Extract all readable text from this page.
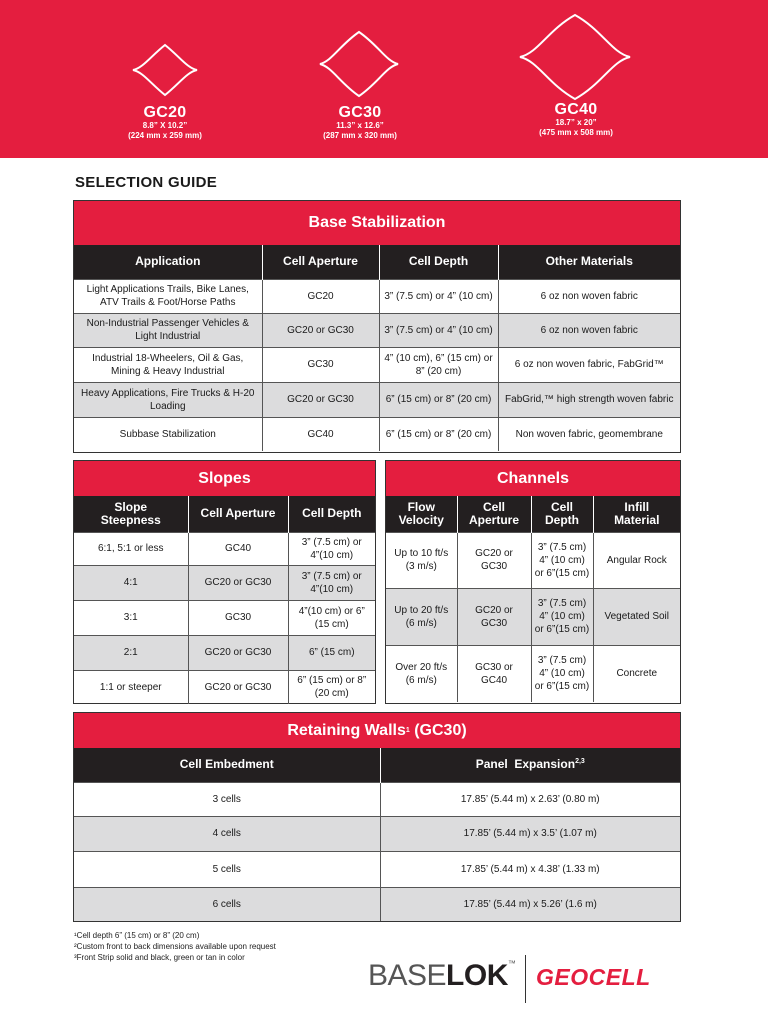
GC20
8.8” X 10.2”
(224 mm x 259 mm)
GC30
11.3” x 12.6”
(287 mm x 320 mm)
GC40
18.7” x 20”
(475 mm x 508 mm)
SELECTION GUIDE
Base Stabilization
Application	Cell Aperture	Cell Depth	Other Materials
Light Applications Trails, Bike Lanes, ATV Trails & Foot/Horse Paths	GC20	3” (7.5 cm) or 4” (10 cm)	6 oz non woven fabric
Non-Industrial Passenger Vehicles & Light Industrial	GC20 or GC30	3” (7.5 cm) or 4” (10 cm)	6 oz non woven fabric
Industrial 18-Wheelers, Oil & Gas, Mining & Heavy Industrial	GC30	4” (10 cm), 6” (15 cm) or 8” (20 cm)	6 oz non woven fabric, FabGrid™
Heavy Applications, Fire Trucks & H-20 Loading	GC20 or GC30	6” (15 cm) or 8” (20 cm)	FabGrid,™ high strength woven fabric
Subbase Stabilization	GC40	6” (15 cm) or 8” (20 cm)	Non woven fabric, geomembrane
Slopes
Slope Steepness	Cell Aperture	Cell Depth
6:1, 5:1 or less	GC40	3” (7.5 cm) or 4”(10 cm)
4:1	GC20 or GC30	3” (7.5 cm) or 4”(10 cm)
3:1	GC30	4”(10 cm) or 6” (15 cm)
2:1	GC20 or GC30	6” (15 cm)
1:1 or steeper	GC20 or GC30	6” (15 cm) or 8” (20 cm)
Channels
Flow Velocity	Cell Aperture	Cell Depth	Infill Material
Up to 10 ft/s (3 m/s)	GC20 or GC30	3” (7.5 cm) 4” (10 cm) or 6”(15 cm)	Angular Rock
Up to 20 ft/s (6 m/s)	GC20 or GC30	3” (7.5 cm) 4” (10 cm) or 6”(15 cm)	Vegetated Soil
Over 20 ft/s (6 m/s)	GC30 or GC40	3” (7.5 cm) 4” (10 cm) or 6”(15 cm)	Concrete
Retaining Walls 1 (GC30)
Cell Embedment	Panel  Expansion$^{2,3}$
3 cells	17.85’ (5.44 m) x 2.63’ (0.80 m)
4 cells	17.85’ (5.44 m) x 3.5’ (1.07 m)
5 cells	17.85’ (5.44 m) x 4.38’ (1.33 m)
6 cells	17.85’ (5.44 m) x 5.26’ (1.6 m)
¹Cell depth 6” (15 cm) or 8” (20 cm)
²Custom front to back dimensions available upon request
³Front Strip solid and black, green or tan in color
BASELOK™
GEOCELL
